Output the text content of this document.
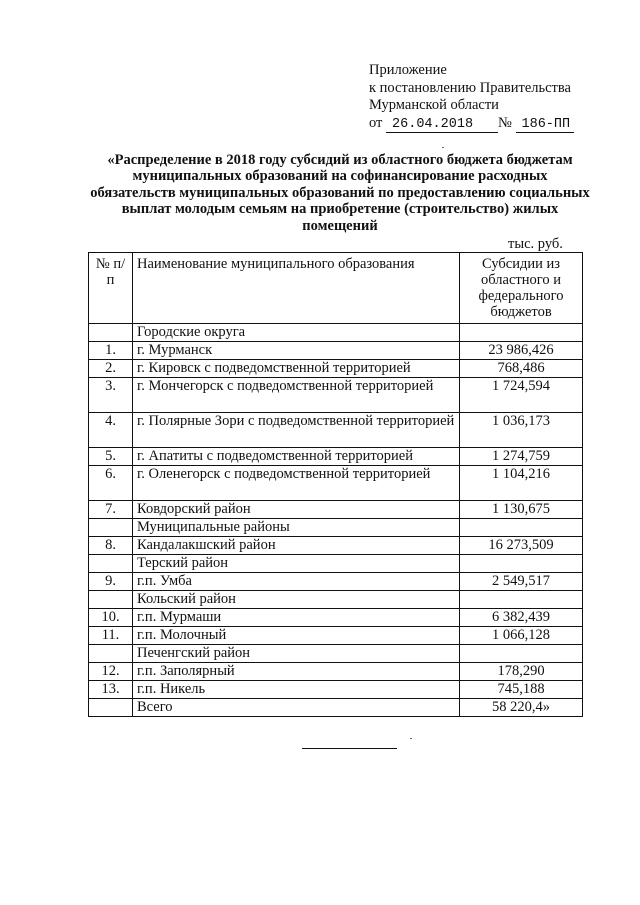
Приложение
к постановлению Правительства
Мурманской области
от 26.04.2018 № 186-ПП
«Распределение в 2018 году субсидий из областного бюджета бюджетам муниципальных образований на софинансирование расходных обязательств муниципальных образований по предоставлению социальных выплат молодым семьям на приобретение (строительство) жилых помещений
тыс. руб.
№ п/п	Наименование муниципального образования	Субсидии из областного и федерального бюджетов
	Городские округа	
1.	г. Мурманск	23 986,426
2.	г. Кировск с подведомственной территорией	768,486
3.	г. Мончегорск с подведомственной территорией	1 724,594
4.	г. Полярные Зори с подведомственной территорией	1 036,173
5.	г. Апатиты с подведомственной территорией	1 274,759
6.	г. Оленегорск с подведомственной территорией	1 104,216
7.	Ковдорский район	1 130,675
	Муниципальные районы	
8.	Кандалакшский район	16 273,509
	Терский район	
9.	г.п. Умба	2 549,517
	Кольский район	
10.	г.п. Мурмаши	6 382,439
11.	г.п. Молочный	1 066,128
	Печенгский район	
12.	г.п. Заполярный	178,290
13.	г.п. Никель	745,188
	Всего	58 220,4»
